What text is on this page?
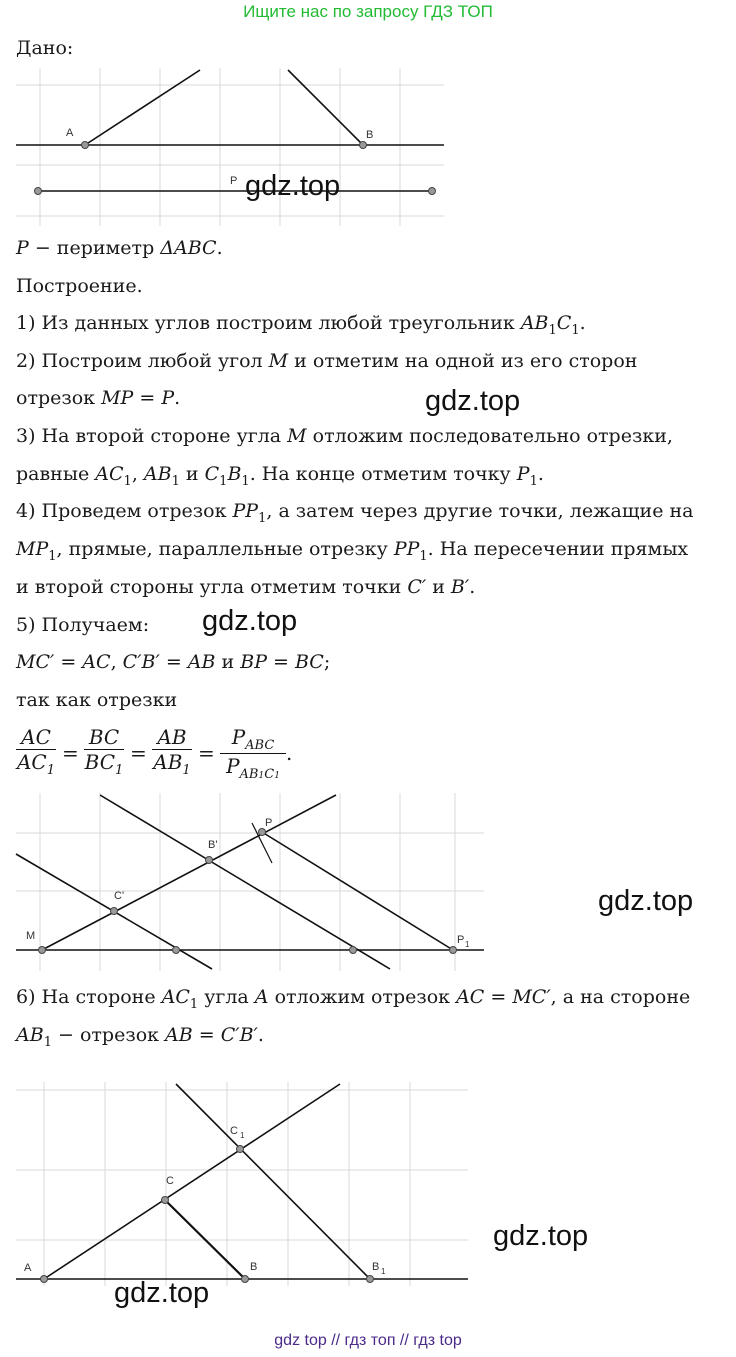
Ищите нас по запросу ГДЗ ТОП
Дано:
A	B
P gdz.top
P − периметр ΔABC.
Построение.
1) Из данных углов построим любой треугольник $AB_1C_1$.
2) Построим любой угол M и отметим на одной из его сторон
отрезок MP = P.	gdz.top
3) На второй стороне угла M отложим последовательно отрезки,
равные $AC_1$, $AB_1$ и $C_1B_1$. На конце отметим точку $P_1$.
4) Проведем отрезок $PP_1$, а затем через другие точки, лежащие на
$MP_1$, прямые, параллельные отрезку $PP_1$. На пересечении прямых
и второй стороны угла отметим точки C′ и B′.
5) Получаем: gdz.top
MC′ = AC, C′B′ = AB и BP = BC;
так как отрезки
$\frac{AC}{AC_1} = \frac{BC}{BC_1} = \frac{AB}{AB_1}$ =
$P_{ABC}$
$P_{AB1C1}$
.
M
C'
B'
P
P 1
gdz.top
6) На стороне $AC_1$ угла A отложим отрезок AC = MC′, а на стороне
$AB_1$ − отрезок AB = C′B′.
A
C
C 1
B	B 1
gdz.top
gdz.top
gdz top // гдз топ // гдз top
